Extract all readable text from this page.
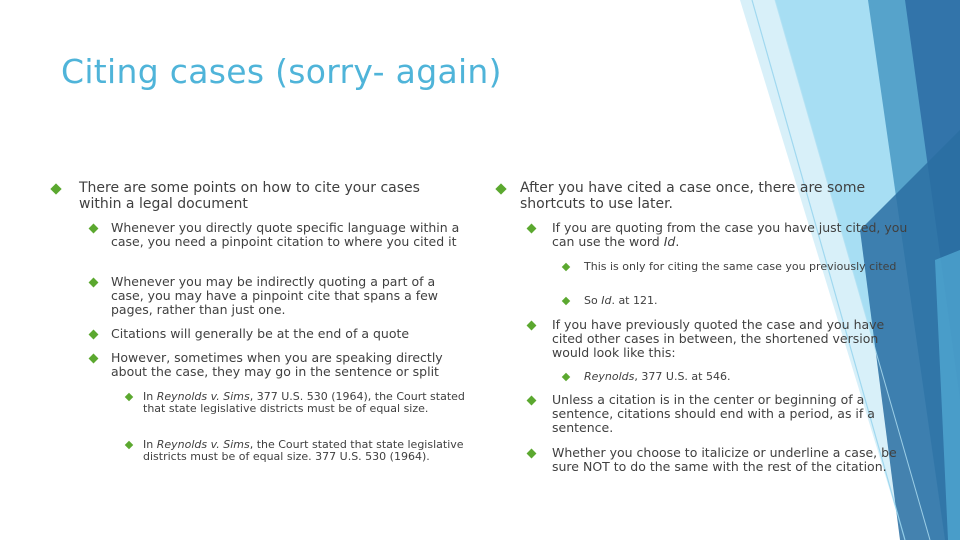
Citing cases (sorry- again)
There are some points on how to cite your cases within a legal document
Whenever you directly quote specific language within a case, you need a pinpoint citation to where you cited it
Whenever you may be indirectly quoting a part of a case, you may have a pinpoint cite that spans a few pages, rather than just one.
Citations will generally be at the end of a quote
However, sometimes when you are speaking directly about the case, they may go in the sentence or split
In Reynolds v. Sims, 377 U.S. 530 (1964), the Court stated that state legislative districts must be of equal size.
In Reynolds v. Sims, the Court stated that state legislative districts must be of equal size. 377 U.S. 530 (1964).
After you have cited a case once, there are some shortcuts to use later.
If you are quoting from the case you have just cited, you can use the word Id.
This is only for citing the same case you previously cited
So Id. at 121.
If you have previously quoted the case and you have cited other cases in between, the shortened version would look like this:
Reynolds, 377 U.S. at 546.
Unless a citation is in the center or beginning of a sentence, citations should end with a period, as if a sentence.
Whether you choose to italicize or underline a case, be sure NOT to do the same with the rest of the citation.
